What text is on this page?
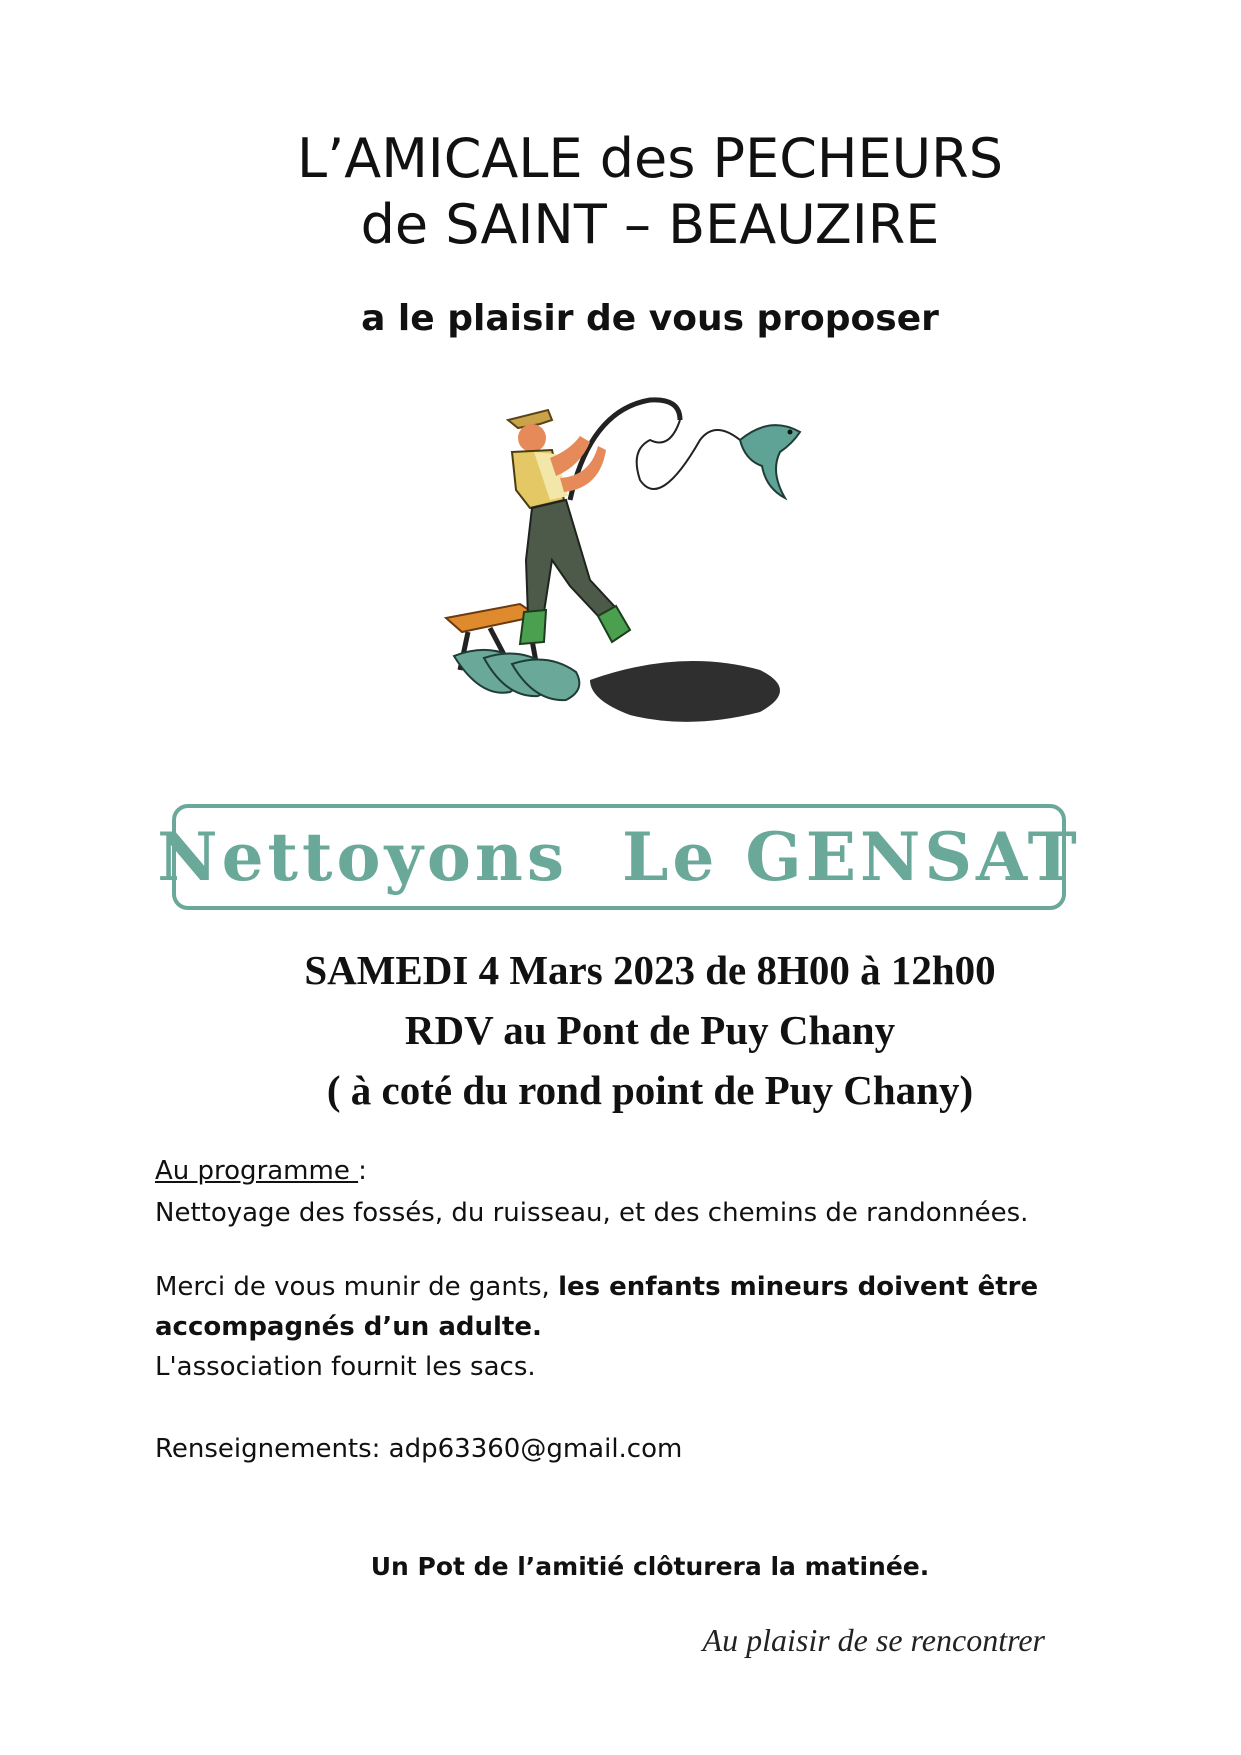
L’AMICALE des PECHEURS
de SAINT – BEAUZIRE
a le plaisir de vous proposer
Nettoyons  Le GENSAT
SAMEDI 4 Mars 2023 de 8H00 à 12h00
RDV au Pont de Puy Chany
( à coté du rond point de Puy Chany)
Au programme :
Nettoyage des fossés, du ruisseau, et des chemins de randonnées.
Merci de vous munir de gants, les enfants mineurs doivent être
accompagnés d’un adulte.
L'association fournit les sacs.
Renseignements: adp63360@gmail.com
Un Pot de l’amitié clôturera la matinée.
Au plaisir de se rencontrer
